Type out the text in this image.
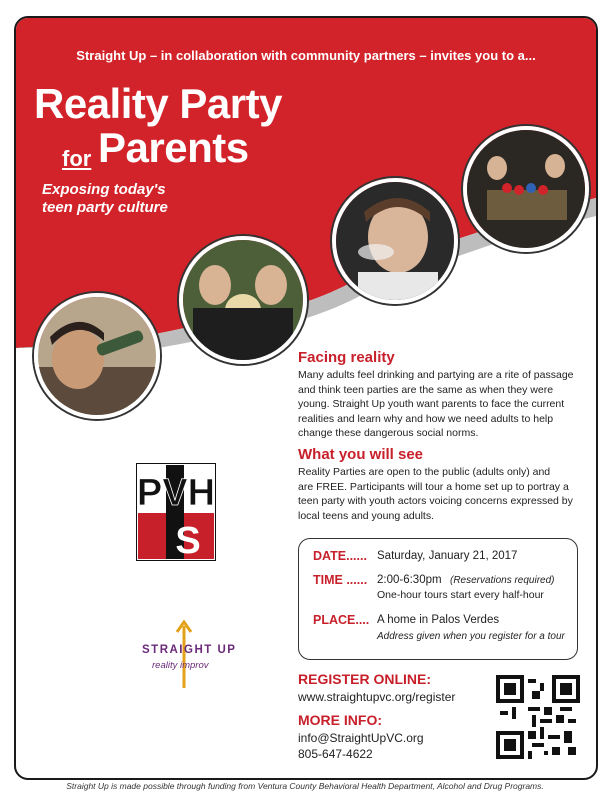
Straight Up – in collaboration with community partners – invites you to a...
Reality Party
for Parents
Exposing today's
teen party culture
Facing reality
Many adults feel drinking and partying are a rite of passage
and think teen parties are the same as when they were
young. Straight Up youth want parents to face the current
realities and learn why and how we need adults to help
change these dangerous social norms.
What you will see
Reality Parties are open to the public (adults only) and
are FREE. Participants will tour a home set up to portray a
teen party with youth actors voicing concerns expressed by
local teens and young adults.
DATE...... Saturday, January 21, 2017
TIME ...... 2:00-6:30pm (Reservations required)
One-hour tours start every half-hour
PLACE.... A home in Palos Verdes
Address given when you register for a tour
REGISTER ONLINE:
www.straightupvc.org/register
MORE INFO:
info@StraightUpVC.org
805-647-4622
PVH
S
STRAIGHT UP
reality improv
Straight Up is made possible through funding from Ventura County Behavioral Health Department, Alcohol and Drug Programs.
